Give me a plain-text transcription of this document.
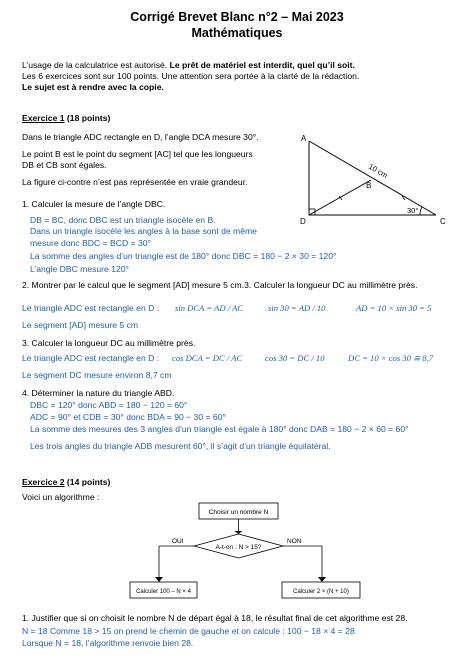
Corrigé Brevet Blanc n°2 – Mai 2023
Mathématiques
L’usage de la calculatrice est autorisé. Le prêt de matériel est interdit, quel qu’il soit.
Les 6 exercices sont sur 100 points. Une attention sera portée à la clarté de la rédaction.
Le sujet est à rendre avec la copie.
Exercice 1 (18 points)
Dans le triangle ADC rectangle en D, l’angle DCA mesure 30°.
Le point B est le point du segment [AC] tel que les longueurs
DB et CB sont égales.
La figure ci-contre n’est pas représentée en vraie grandeur.
A
B
C
D
10 cm
30°
1. Calculer la mesure de l’angle DBC.
DB = BC, donc DBC est un triangle isocèle en B.
Dans un triangle isocèle les angles à la base sont de même
mesure donc BDC = BCD = 30°
La somme des angles d’un triangle est de 180° donc DBC = 180 − 2 × 30 = 120°
L’angle DBC mesure 120°
2. Montrer par le calcul que le segment [AD] mesure 5 cm.3. Calculer la longueur DC au millimètre près.
Le triangle ADC est rectangle en D : sin DCA = AD / AC	sin 30 = AD / 10	AD = 10 × sin 30 = 5
Le segment [AD] mesure 5 cm
3. Calculer la longueur DC au millimètre près.
Le triangle ADC est rectangle en D : cos DCA = DC / AC	cos 30 = DC / 10	DC = 10 × cos 30 ≅ 8,7
Le segment DC mesure environ 8,7 cm
4. Déterminer la nature du triangle ABD.
DBC = 120° donc ABD = 180 − 120 = 60°
ADC = 90° et CDB = 30° donc BDA = 90 − 30 = 60°
La somme des mesures des 3 angles d’un triangle est égale à 180° donc DAB = 180 − 2 × 60 = 60°
Les trois angles du triangle ADB mesurent 60°, il s’agit d’un triangle équilatéral.
Exercice 2 (14 points)
Voici un algorithme :
Choisir un nombre N
A-t-on : N > 15?
OUI	NON
Calculer 100 – N × 4	Calculer 2 × (N + 10)
1. Justifier que si on choisit le nombre N de départ égal à 18, le résultat final de cet algorithme est 28.
N = 18 Comme 18 > 15 on prend le chemin de gauche et on calcule : 100 − 18 × 4 = 28
Lorsque N = 18, l’algorithme renvoie bien 28.
